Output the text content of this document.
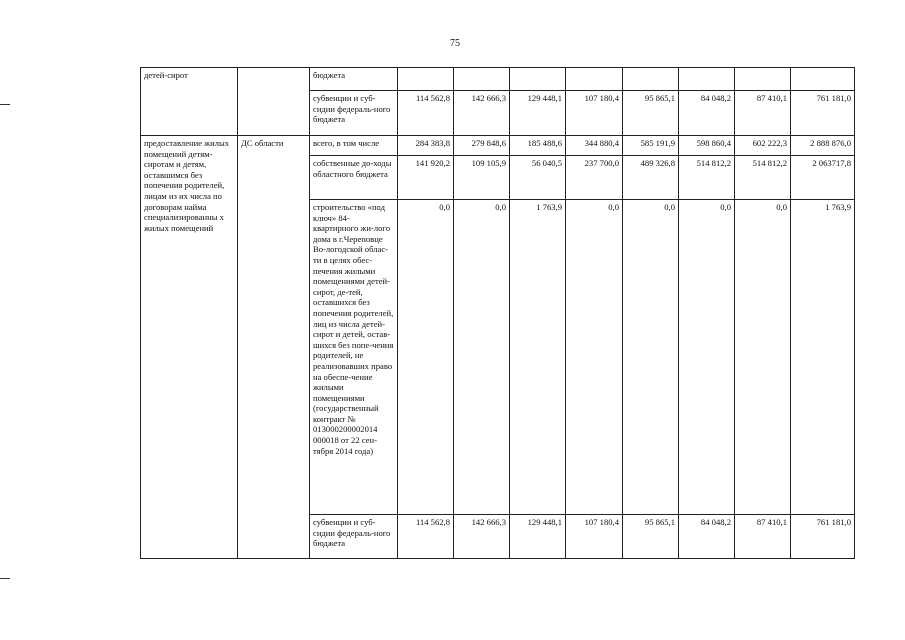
75
детей-сирот		бюджета								
		субвенции и суб-сидии федераль-ного бюджета	114 562,8	142 666,3	129 448,1	107 180,4	95 865,1	84 048,2	87 410,1	761 181,0
предоставление жилых помещений детям-сиротам и детям, оставшимся без попечения родителей, лицам из их числа по договорам найма специализированны х жилых помещений	ДС области	всего, в том числе	284 383,8	279 848,6	185 488,6	344 880,4	585 191,9	598 860,4	602 222,3	2 888 876,0
		собственные до-ходы областного бюджета	141 920,2	109 105,9	56 040,5	237 700,0	489 326,8	514 812,2	514 812,2	2 063717,8
		строительство «под ключ» 84-квартирного жи-лого дома в г.Череповце Во-логодской облас-ти в целях обес-печения жилыми помещениями детей-сирот, де-тей, оставшихся без попечения родителей, лиц из числа детей-сирот и детей, остав-шихся без попе-чения родителей, не реализовавших право на обеспе-чение жилыми помещениями (государственный контракт № 013000200002014 000018 от 22 сен-тября 2014 года)	0,0	0,0	1 763,9	0,0	0,0	0,0	0,0	1 763,9
		субвенции и суб-сидии федераль-ного бюджета	114 562,8	142 666,3	129 448,1	107 180,4	95 865,1	84 048,2	87 410,1	761 181,0
